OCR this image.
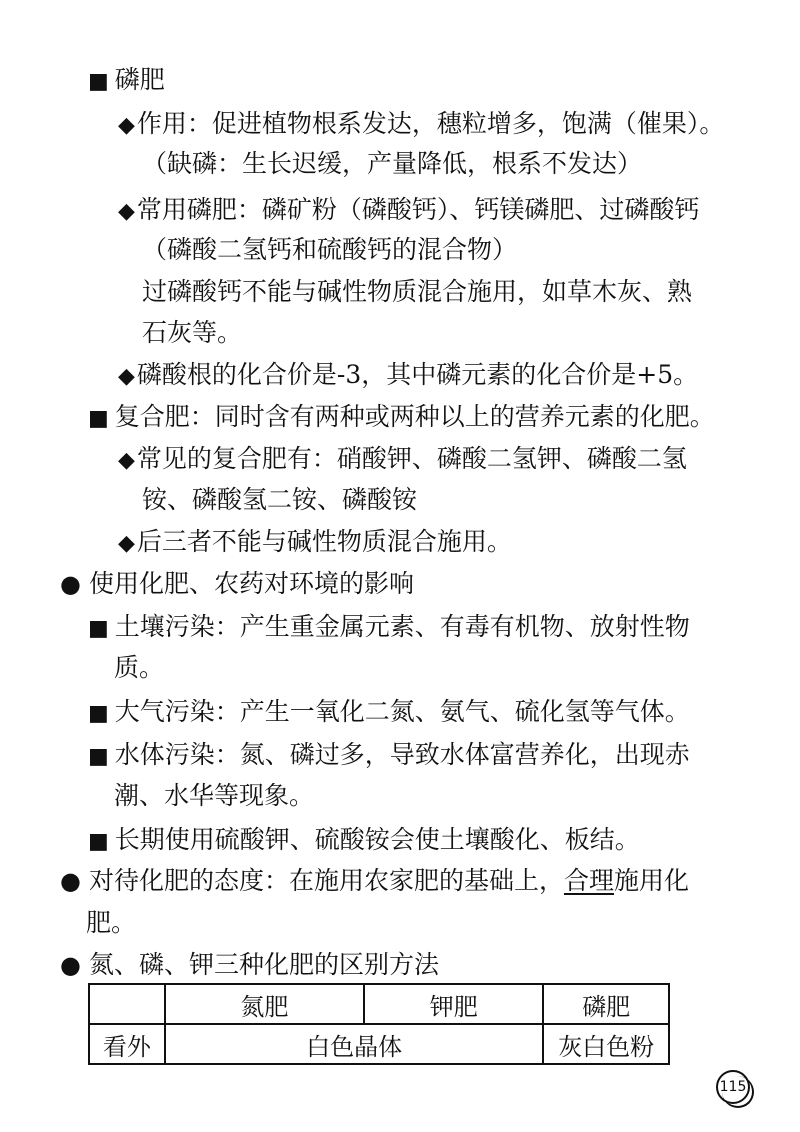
■ 磷肥
◆作用：促进植物根系发达，穗粒增多，饱满（催果）。
（缺磷：生长迟缓，产量降低，根系不发达）
◆常用磷肥：磷矿粉（磷酸钙）、钙镁磷肥、过磷酸钙
（磷酸二氢钙和硫酸钙的混合物）
过磷酸钙不能与碱性物质混合施用，如草木灰、熟
石灰等。
◆磷酸根的化合价是-3，其中磷元素的化合价是+5。
■ 复合肥：同时含有两种或两种以上的营养元素的化肥。
◆常见的复合肥有：硝酸钾、磷酸二氢钾、磷酸二氢
铵、磷酸氢二铵、磷酸铵
◆后三者不能与碱性物质混合施用。
● 使用化肥、农药对环境的影响
■ 土壤污染：产生重金属元素、有毒有机物、放射性物
质。
■ 大气污染：产生一氧化二氮、氨气、硫化氢等气体。
■ 水体污染：氮、磷过多，导致水体富营养化，出现赤
潮、水华等现象。
■ 长期使用硫酸钾、硫酸铵会使土壤酸化、板结。
● 对待化肥的态度：在施用农家肥的基础上，合理施用化
肥。
● 氮、磷、钾三种化肥的区别方法
	氮肥	钾肥	磷肥
看外	白色晶体		灰白色粉
115
